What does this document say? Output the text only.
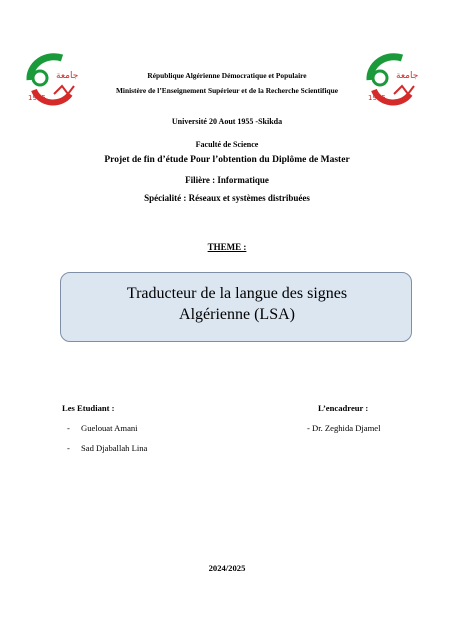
جامعة
1955
جامعة
1955
République Algérienne Démocratique et Populaire
Ministère de l’Enseignement Supérieur et de la Recherche Scientifique
Université 20 Aout 1955 -Skikda
Faculté de Science
Projet de fin d’étude Pour l’obtention du Diplôme de Master
Filière : Informatique
Spécialité : Réseaux et systèmes distribuées
THEME :
Traducteur de la langue des signes
Algérienne (LSA)
Les Etudiant :	L’encadreur :
- Guelouat Amani
- Sad Djaballah Lina
- Dr. Zeghida Djamel
2024/2025
